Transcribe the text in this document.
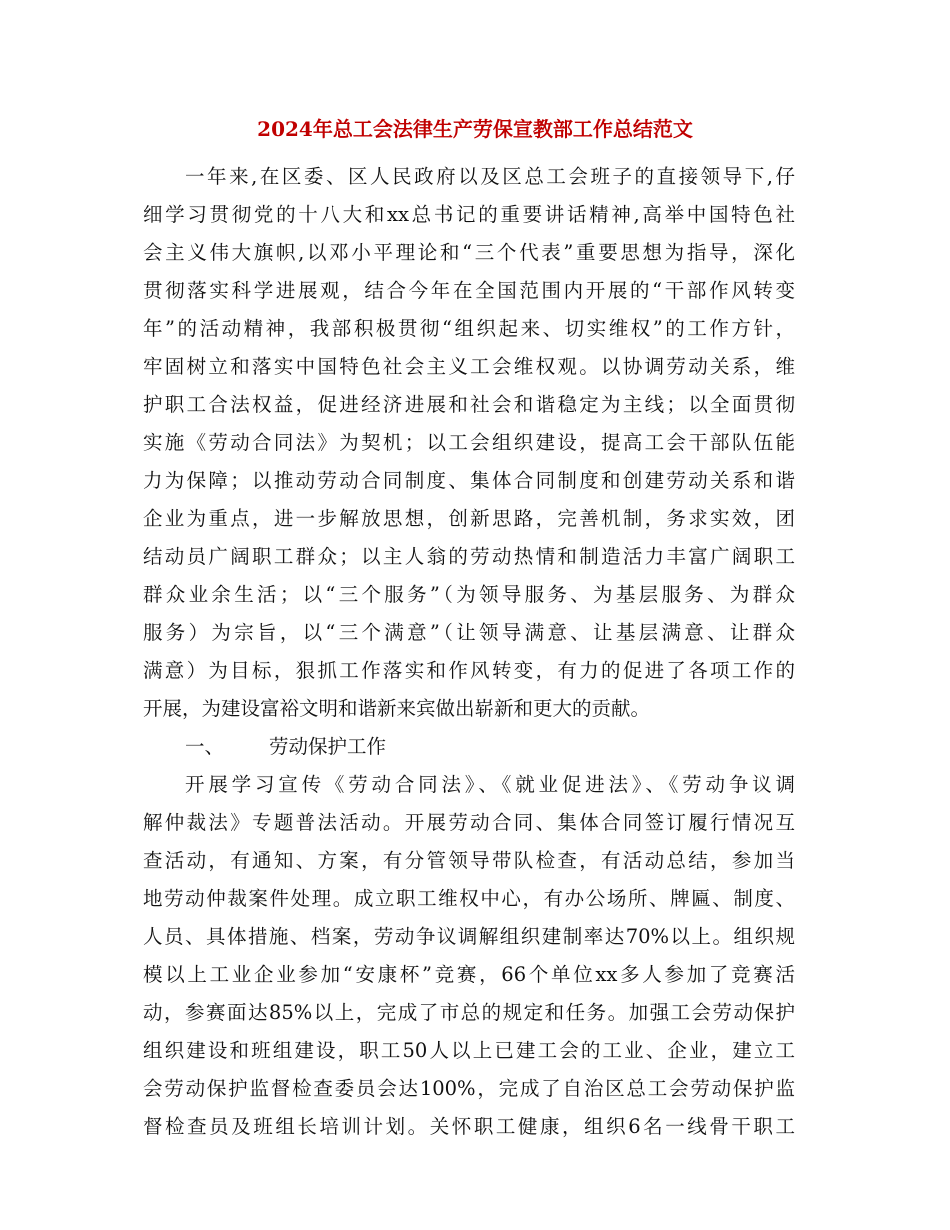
2024年总工会法律生产劳保宣教部工作总结范文
一年来,在区委、区人民政府以及区总工会班子的直接领导下,仔
细学习贯彻党的十八大和xx总书记的重要讲话精神,高举中国特色社
会主义伟大旗帜,以邓小平理论和“三个代表”重要思想为指导，深化
贯彻落实科学进展观，结合今年在全国范围内开展的“干部作风转变
年”的活动精神，我部积极贯彻“组织起来、切实维权”的工作方针，
牢固树立和落实中国特色社会主义工会维权观。以协调劳动关系，维
护职工合法权益，促进经济进展和社会和谐稳定为主线；以全面贯彻
实施《劳动合同法》为契机；以工会组织建设，提高工会干部队伍能
力为保障；以推动劳动合同制度、集体合同制度和创建劳动关系和谐
企业为重点，进一步解放思想，创新思路，完善机制，务求实效，团
结动员广阔职工群众；以主人翁的劳动热情和制造活力丰富广阔职工
群众业余生活；以“三个服务”（为领导服务、为基层服务、为群众
服务）为宗旨，以“三个满意”（让领导满意、让基层满意、让群众
满意）为目标，狠抓工作落实和作风转变，有力的促进了各项工作的
开展，为建设富裕文明和谐新来宾做出崭新和更大的贡献。
一、 劳动保护工作
开展学习宣传《劳动合同法》、《就业促进法》、《劳动争议调
解仲裁法》专题普法活动。开展劳动合同、集体合同签订履行情况互
查活动，有通知、方案，有分管领导带队检查，有活动总结，参加当
地劳动仲裁案件处理。成立职工维权中心，有办公场所、牌匾、制度、
人员、具体措施、档案，劳动争议调解组织建制率达70%以上。组织规
模以上工业企业参加“安康杯”竞赛，66个单位xx多人参加了竞赛活
动，参赛面达85%以上，完成了市总的规定和任务。加强工会劳动保护
组织建设和班组建设，职工50人以上已建工会的工业、企业，建立工
会劳动保护监督检查委员会达100%，完成了自治区总工会劳动保护监
督检查员及班组长培训计划。关怀职工健康，组织6名一线骨干职工
